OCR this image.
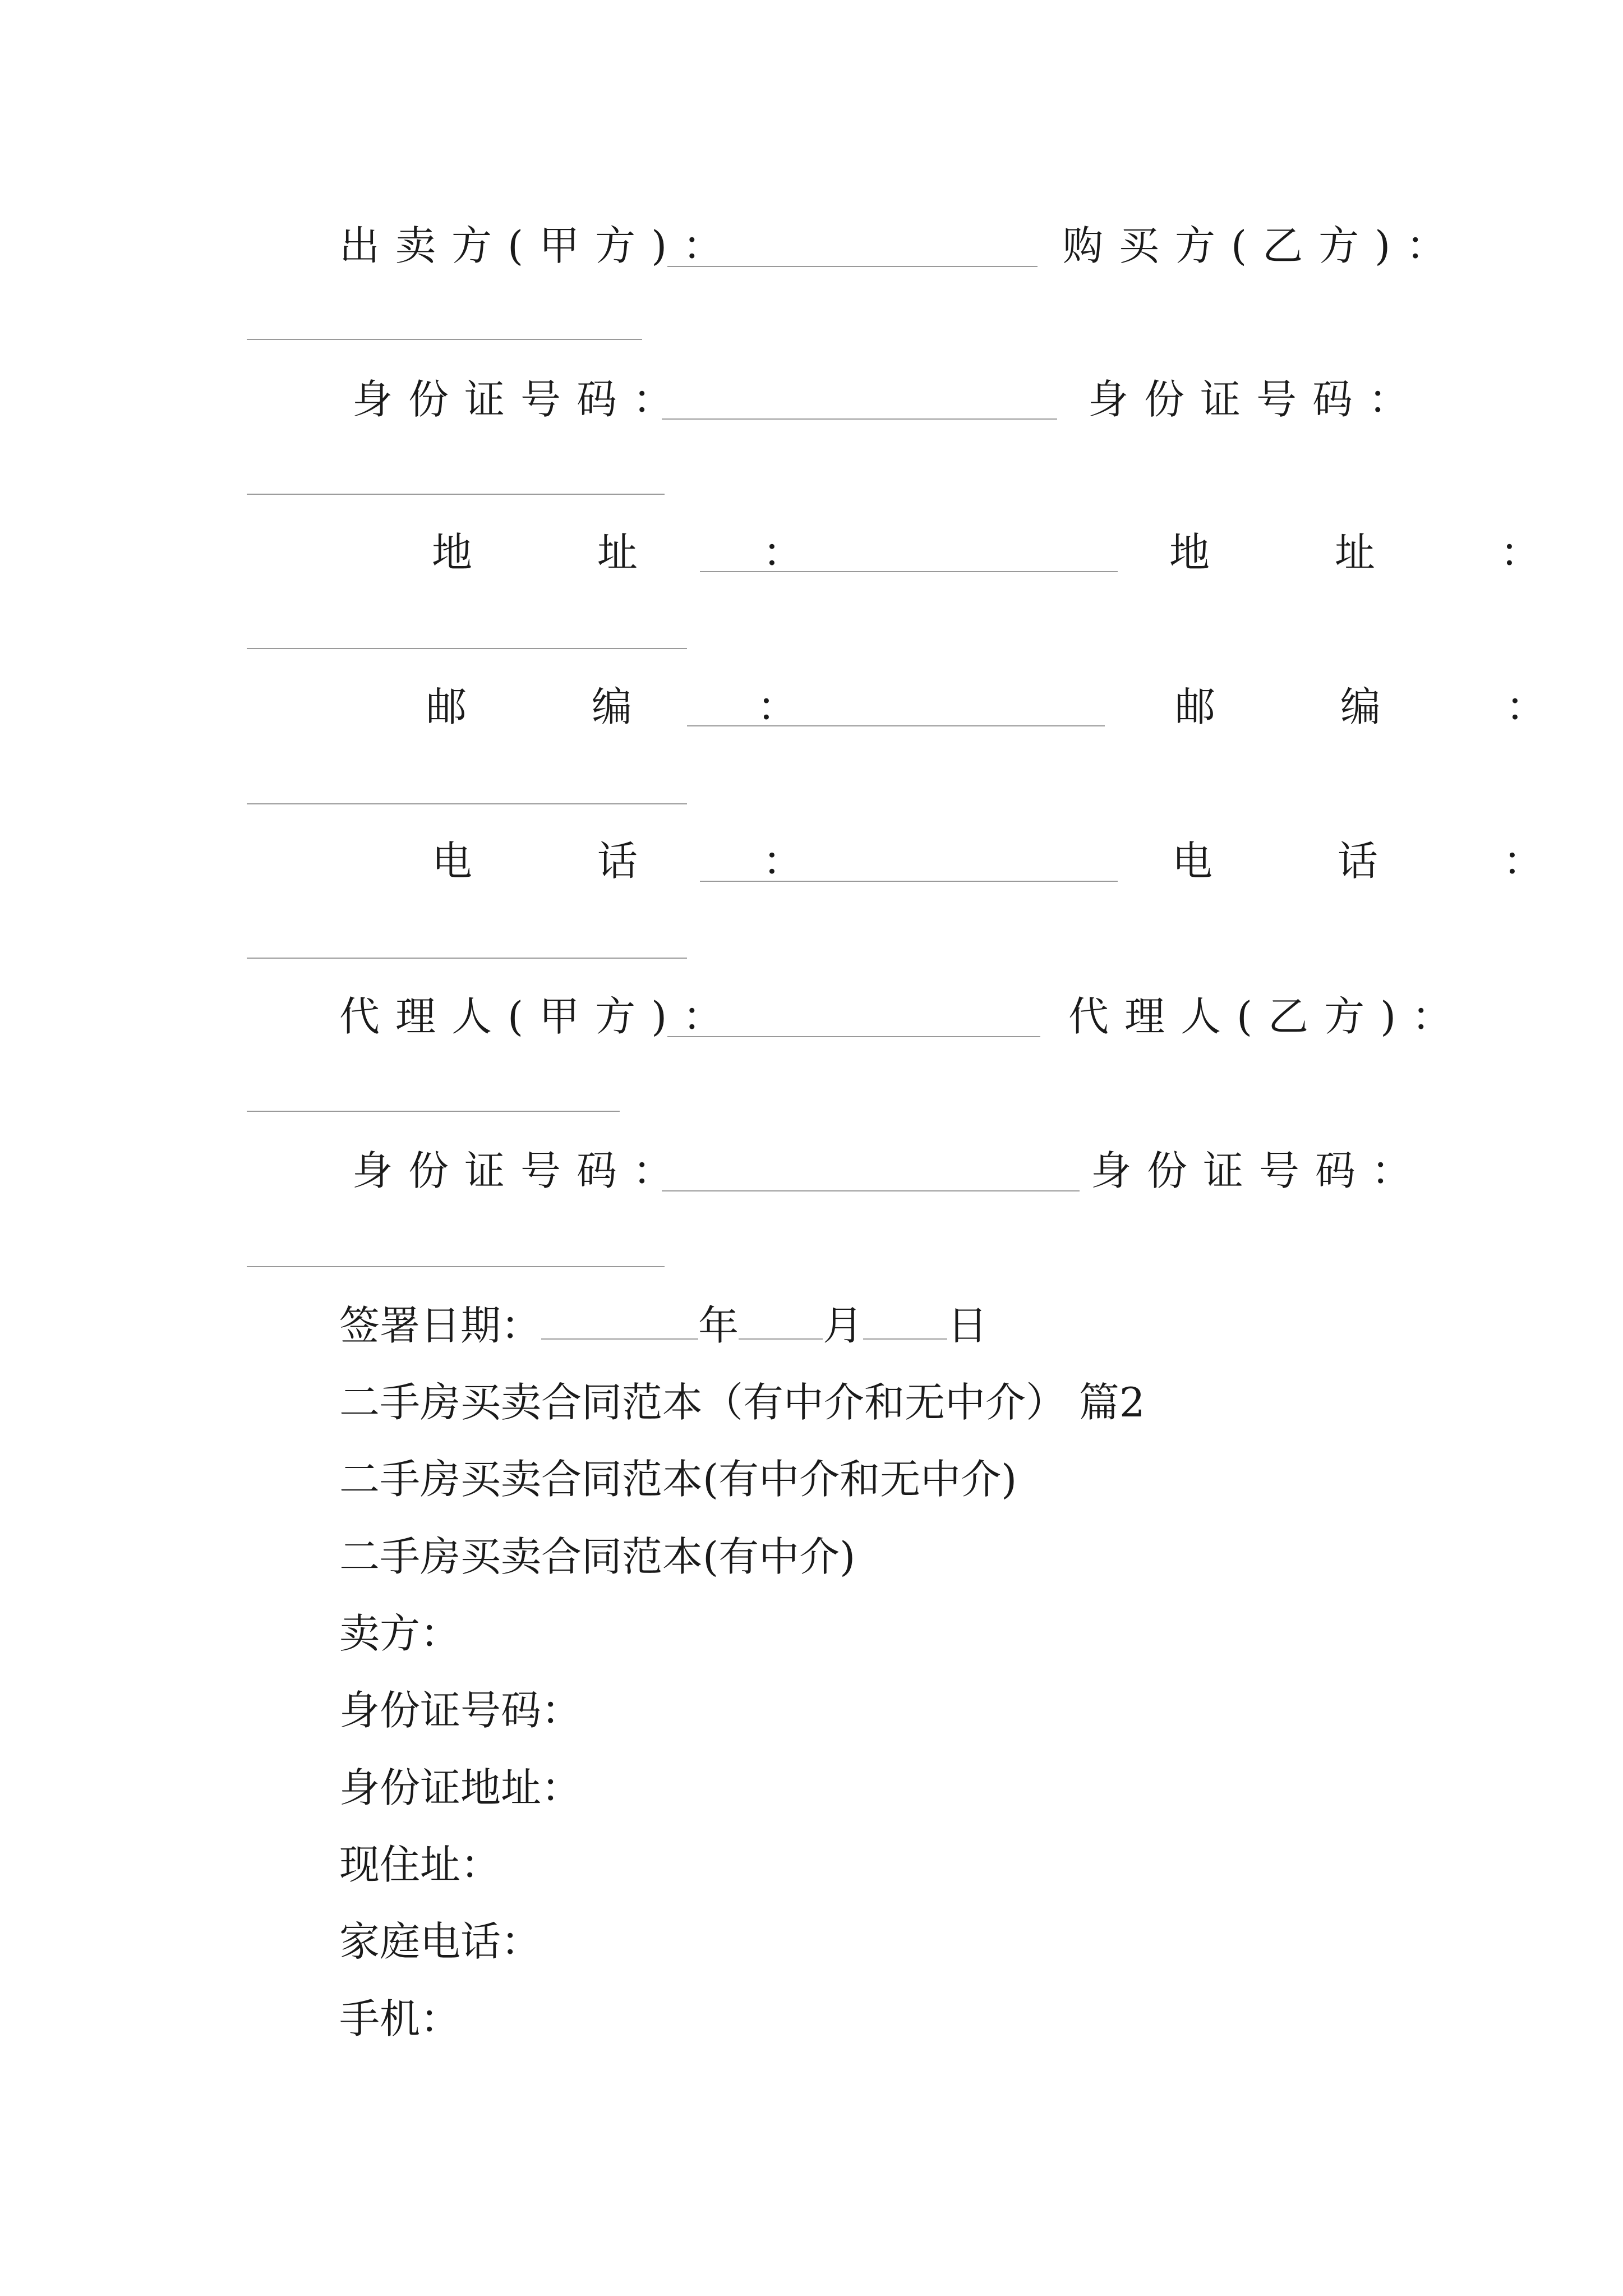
出卖方(甲方)：	购买方(乙方)：
身份证号码：	身份证号码：
地 址 ：	地 址 ：
邮 编 ：	邮 编 ：
电 话 ：	电 话 ：
代理人(甲方)：	代理人(乙方)：
身份证号码：	身份证号码：
签署日期：	年 月 日
二手房买卖合同范本（有中介和无中介） 篇2
二手房买卖合同范本(有中介和无中介)
二手房买卖合同范本(有中介)
卖方：
身份证号码：
身份证地址：
现住址：
家庭电话：
手机：
